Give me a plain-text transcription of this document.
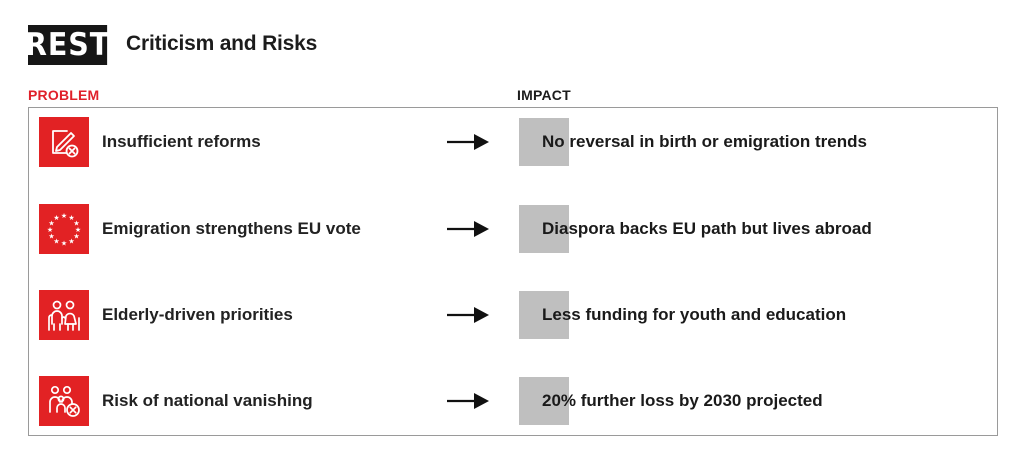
REST Criticism and Risks
PROBLEM	IMPACT
Insufficient reforms	No reversal in birth or emigration trends
★ ★
★
★
★
★
★
★
★
★
★
★
Emigration strengthens EU vote	Diaspora backs EU path but lives abroad
Elderly-driven priorities	Less funding for youth and education
Risk of national vanishing	20% further loss by 2030 projected
